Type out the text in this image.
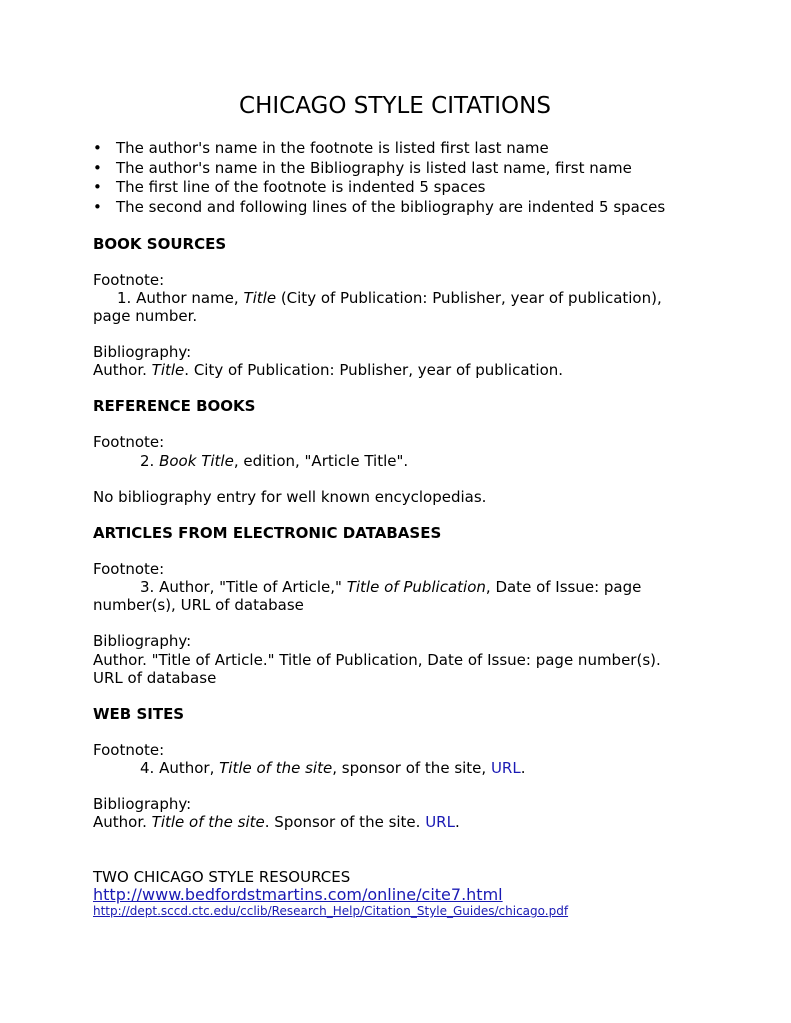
CHICAGO STYLE CITATIONS
• The author's name in the footnote is listed first last name
• The author's name in the Bibliography is listed last name, first name
• The first line of the footnote is indented 5 spaces
• The second and following lines of the bibliography are indented 5 spaces
BOOK SOURCES
Footnote:
1. Author name, Title (City of Publication: Publisher, year of publication),
page number.
Bibliography:
Author. Title. City of Publication: Publisher, year of publication.
REFERENCE BOOKS
Footnote:
2. Book Title, edition, "Article Title".
No bibliography entry for well known encyclopedias.
ARTICLES FROM ELECTRONIC DATABASES
Footnote:
3. Author, "Title of Article," Title of Publication, Date of Issue: page
number(s), URL of database
Bibliography:
Author. "Title of Article." Title of Publication, Date of Issue: page number(s).
URL of database
WEB SITES
Footnote:
4. Author, Title of the site, sponsor of the site, URL.
Bibliography:
Author. Title of the site. Sponsor of the site. URL.
TWO CHICAGO STYLE RESOURCES
http://www.bedfordstmartins.com/online/cite7.html
http://dept.sccd.ctc.edu/cclib/Research_Help/Citation_Style_Guides/chicago.pdf
